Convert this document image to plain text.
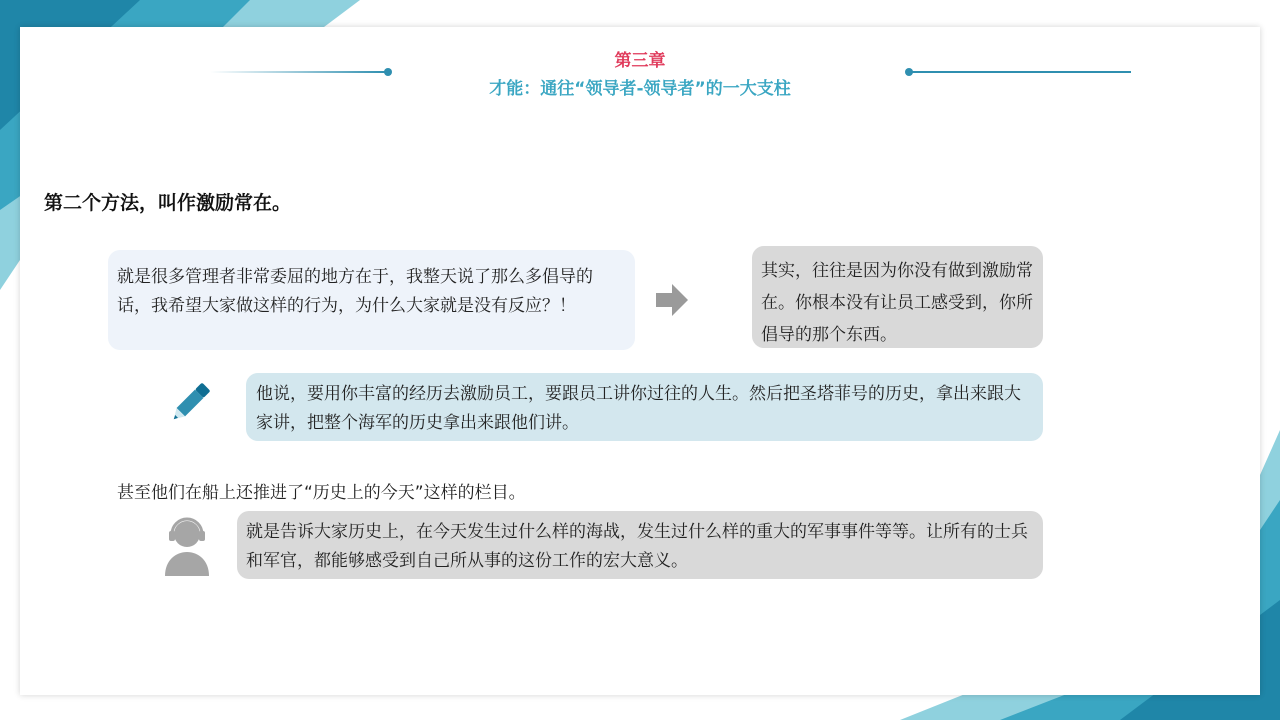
第三章
才能：通往“领导者-领导者”的一大支柱
第二个方法，叫作激励常在。
就是很多管理者非常委屈的地方在于，我整天说了那么多倡导的话，我希望大家做这样的行为，为什么大家就是没有反应？！
其实，往往是因为你没有做到激励常在。你根本没有让员工感受到，你所倡导的那个东西。
他说，要用你丰富的经历去激励员工，要跟员工讲你过往的人生。然后把圣塔菲号的历史，拿出来跟大家讲，把整个海军的历史拿出来跟他们讲。
甚至他们在船上还推进了“历史上的今天”这样的栏目。
就是告诉大家历史上，在今天发生过什么样的海战，发生过什么样的重大的军事事件等等。让所有的士兵和军官，都能够感受到自己所从事的这份工作的宏大意义。
